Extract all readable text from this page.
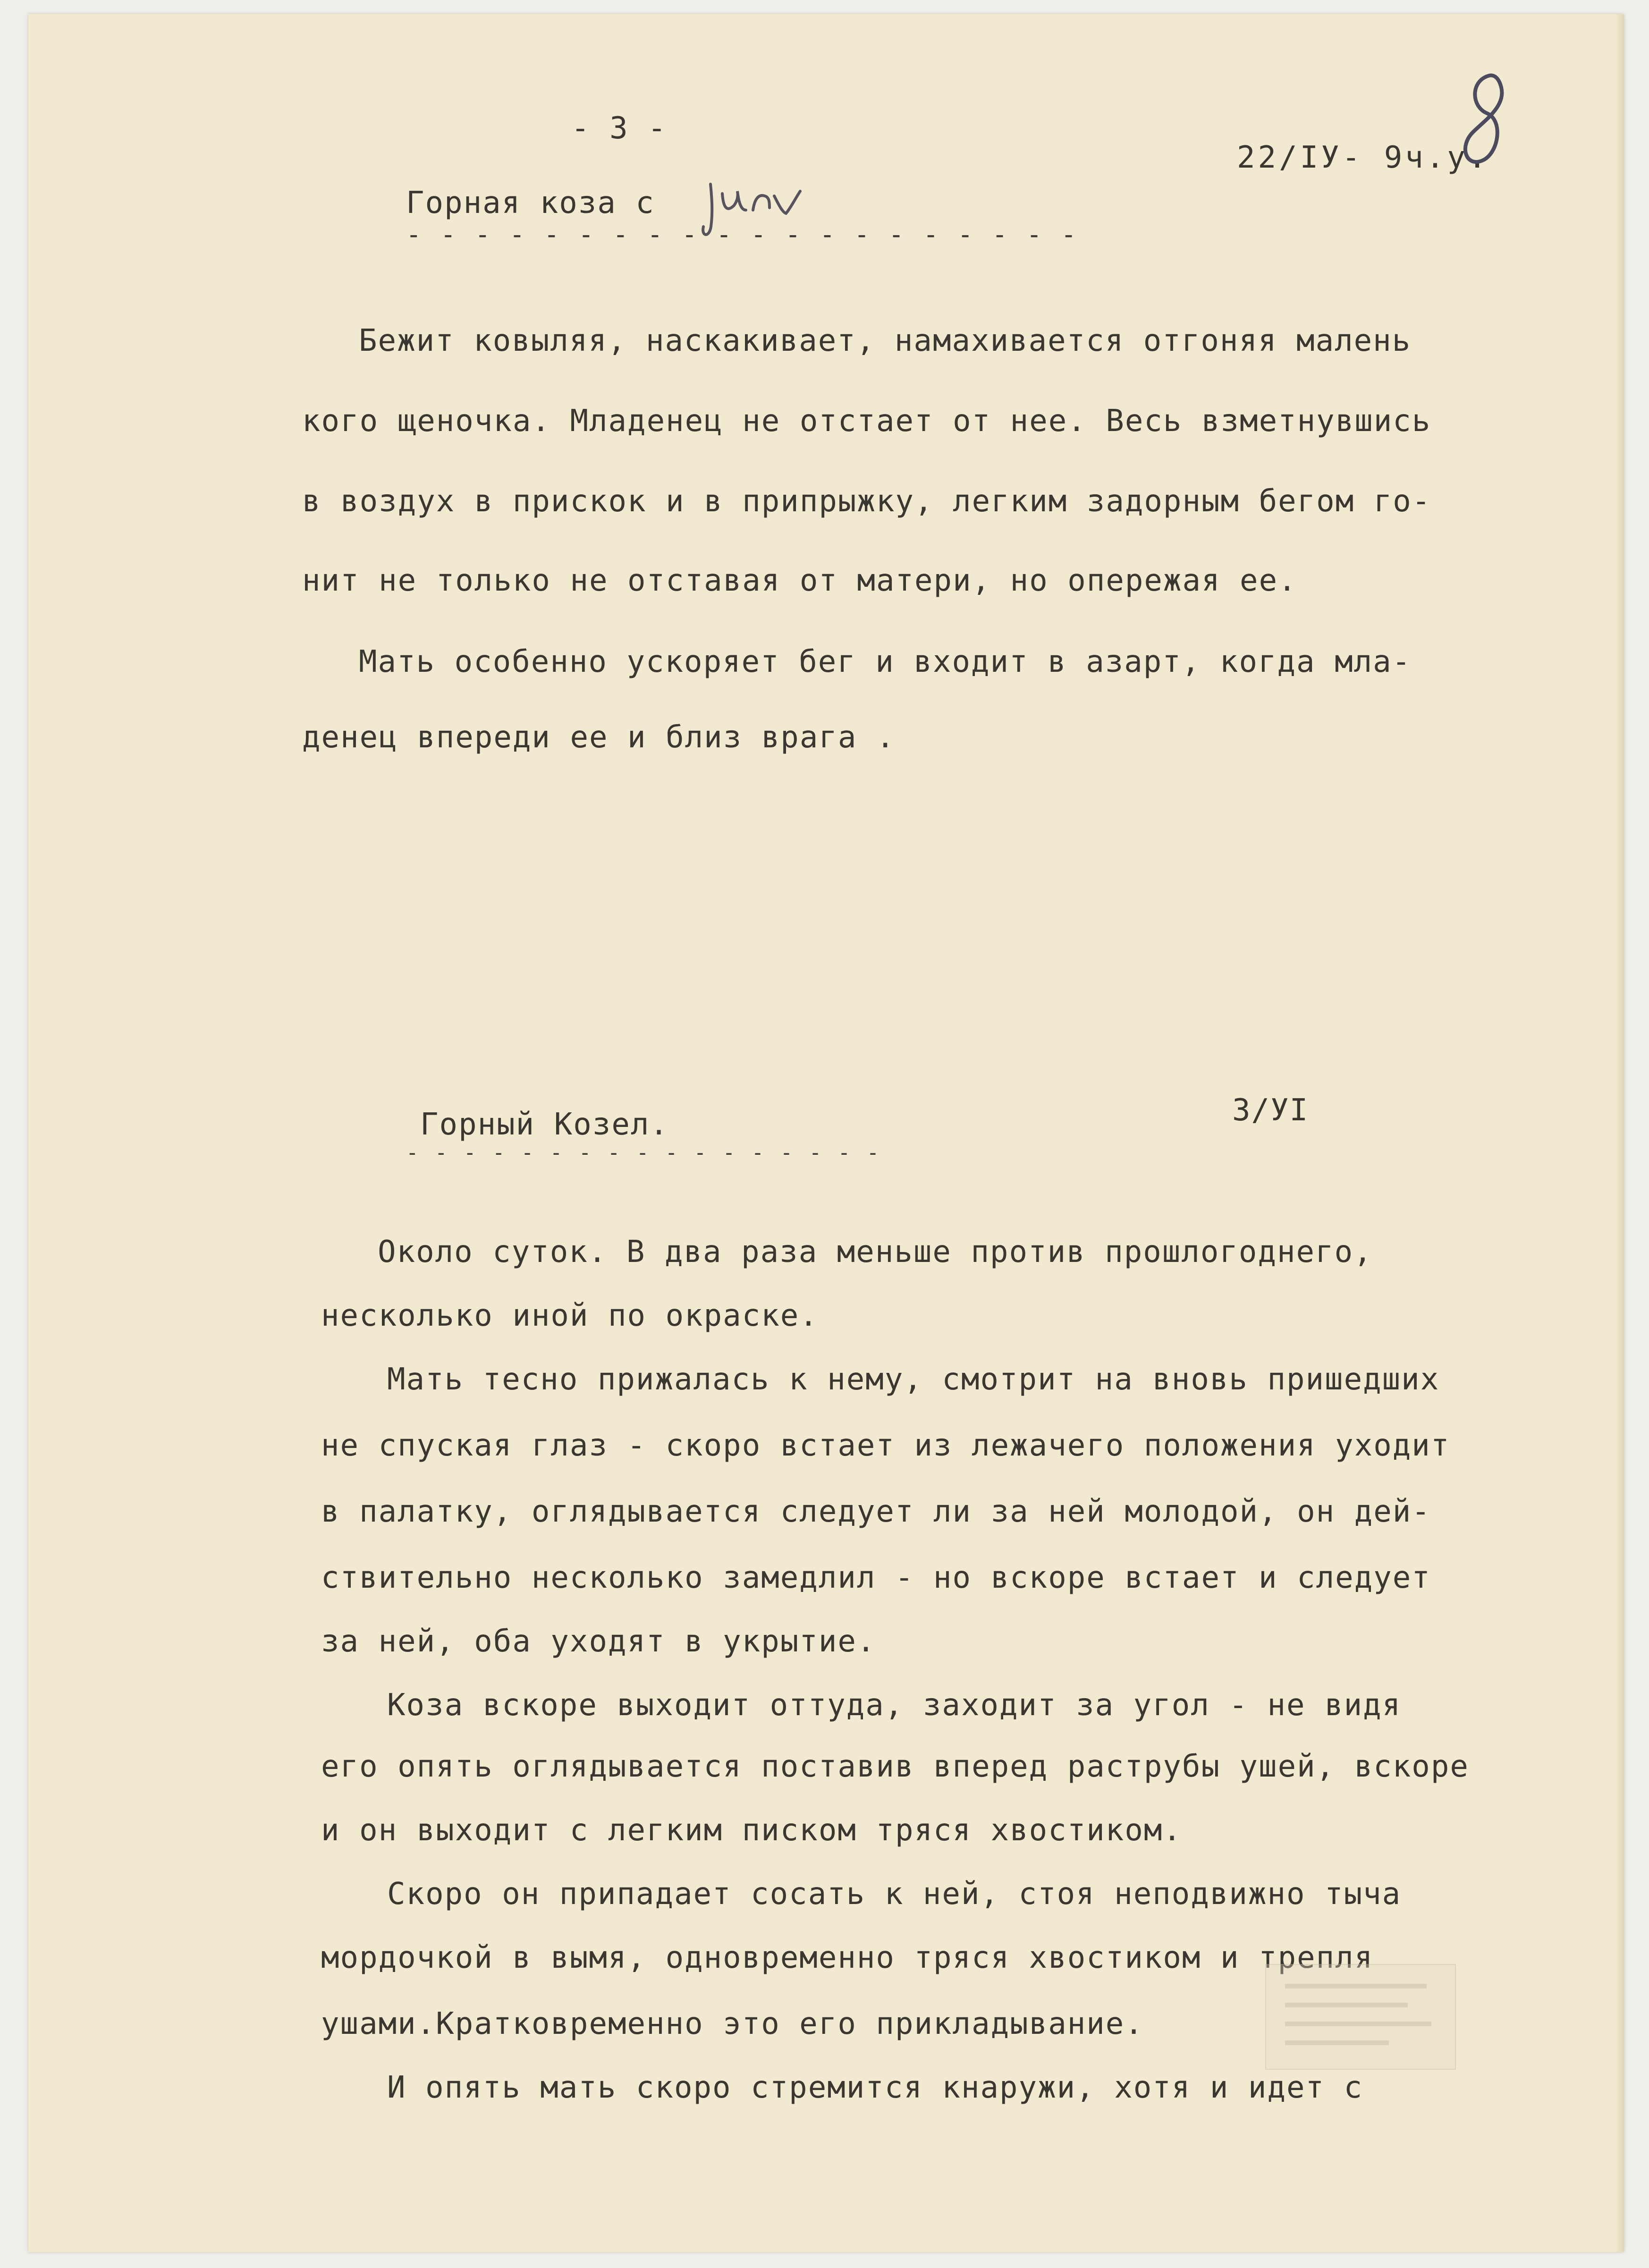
- 3 -
22/IУ- 9ч.у.
Горная коза с
- - - - - - - - - - - - - - - - - - - -
Бежит ковыляя, наскакивает, намахивается отгоняя малень
кого щеночка. Младенец не отстает от нее. Весь взметнувшись
в воздух в прискок и в припрыжку, легким задорным бегом го-
нит не только не отставая от матери, но опережая ее.
Мать особенно ускоряет бег и входит в азарт, когда мла-
денец впереди ее и близ врага .
Горный Козел.	3/УI
- - - - - - - - - - - - - - - - -
Около суток. В два раза меньше против прошлогоднего,
несколько иной по окраске.
Мать тесно прижалась к нему, смотрит на вновь пришедших
не спуская глаз - скоро встает из лежачего положения уходит
в палатку, оглядывается следует ли за ней молодой, он дей-
ствительно несколько замедлил - но вскоре встает и следует
за ней, оба уходят в укрытие.
Коза вскоре выходит оттуда, заходит за угол - не видя
его опять оглядывается поставив вперед раструбы ушей, вскоре
и он выходит с легким писком тряся хвостиком.
Скоро он припадает сосать к ней, стоя неподвижно тыча
мордочкой в вымя, одновременно тряся хвостиком и трепля
ушами.Кратковременно это его прикладывание.
И опять мать скоро стремится кнаружи, хотя и идет с
